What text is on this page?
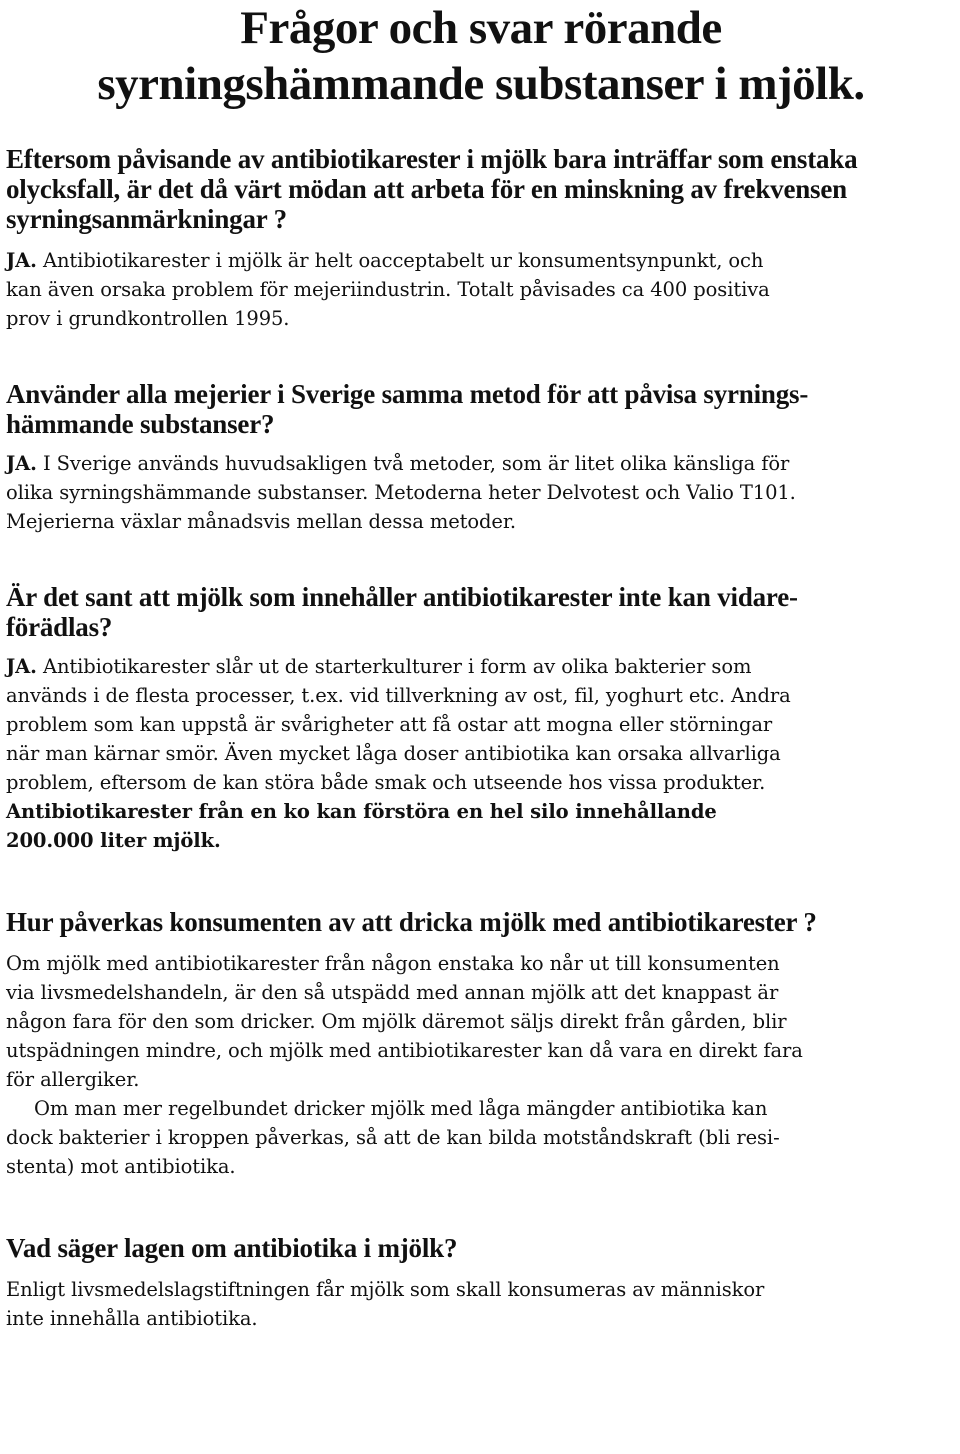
Frågor och svar rörande
syrningshämmande substanser i mjölk.

Eftersom påvisande av antibiotikarester i mjölk bara inträffar som enstaka
olycksfall, är det då värt mödan att arbeta för en minskning av frekvensen
syrningsanmärkningar ?

JA. Antibiotikarester i mjölk är helt oacceptabelt ur konsumentsynpunkt, och
kan även orsaka problem för mejeriindustrin. Totalt påvisades ca 400 positiva
prov i grundkontrollen 1995.

Använder alla mejerier i Sverige samma metod för att påvisa syrnings-
hämmande substanser?

JA. I Sverige används huvudsakligen två metoder, som är litet olika känsliga för
olika syrningshämmande substanser. Metoderna heter Delvotest och Valio T101.
Mejerierna växlar månadsvis mellan dessa metoder.

Är det sant att mjölk som innehåller antibiotikarester inte kan vidare-
förädlas?

JA. Antibiotikarester slår ut de starterkulturer i form av olika bakterier som
används i de flesta processer, t.ex. vid tillverkning av ost, fil, yoghurt etc. Andra
problem som kan uppstå är svårigheter att få ostar att mogna eller störningar
när man kärnar smör. Även mycket låga doser antibiotika kan orsaka allvarliga
problem, eftersom de kan störa både smak och utseende hos vissa produkter.
Antibiotikarester från en ko kan förstöra en hel silo innehållande
200.000 liter mjölk.

Hur påverkas konsumenten av att dricka mjölk med antibiotikarester ?

Om mjölk med antibiotikarester från någon enstaka ko når ut till konsumenten
via livsmedelshandeln, är den så utspädd med annan mjölk att det knappast är
någon fara för den som dricker. Om mjölk däremot säljs direkt från gården, blir
utspädningen mindre, och mjölk med antibiotikarester kan då vara en direkt fara
för allergiker.
Om man mer regelbundet dricker mjölk med låga mängder antibiotika kan
dock bakterier i kroppen påverkas, så att de kan bilda motståndskraft (bli resi-
stenta) mot antibiotika.

Vad säger lagen om antibiotika i mjölk?

Enligt livsmedelslagstiftningen får mjölk som skall konsumeras av människor
inte innehålla antibiotika.
